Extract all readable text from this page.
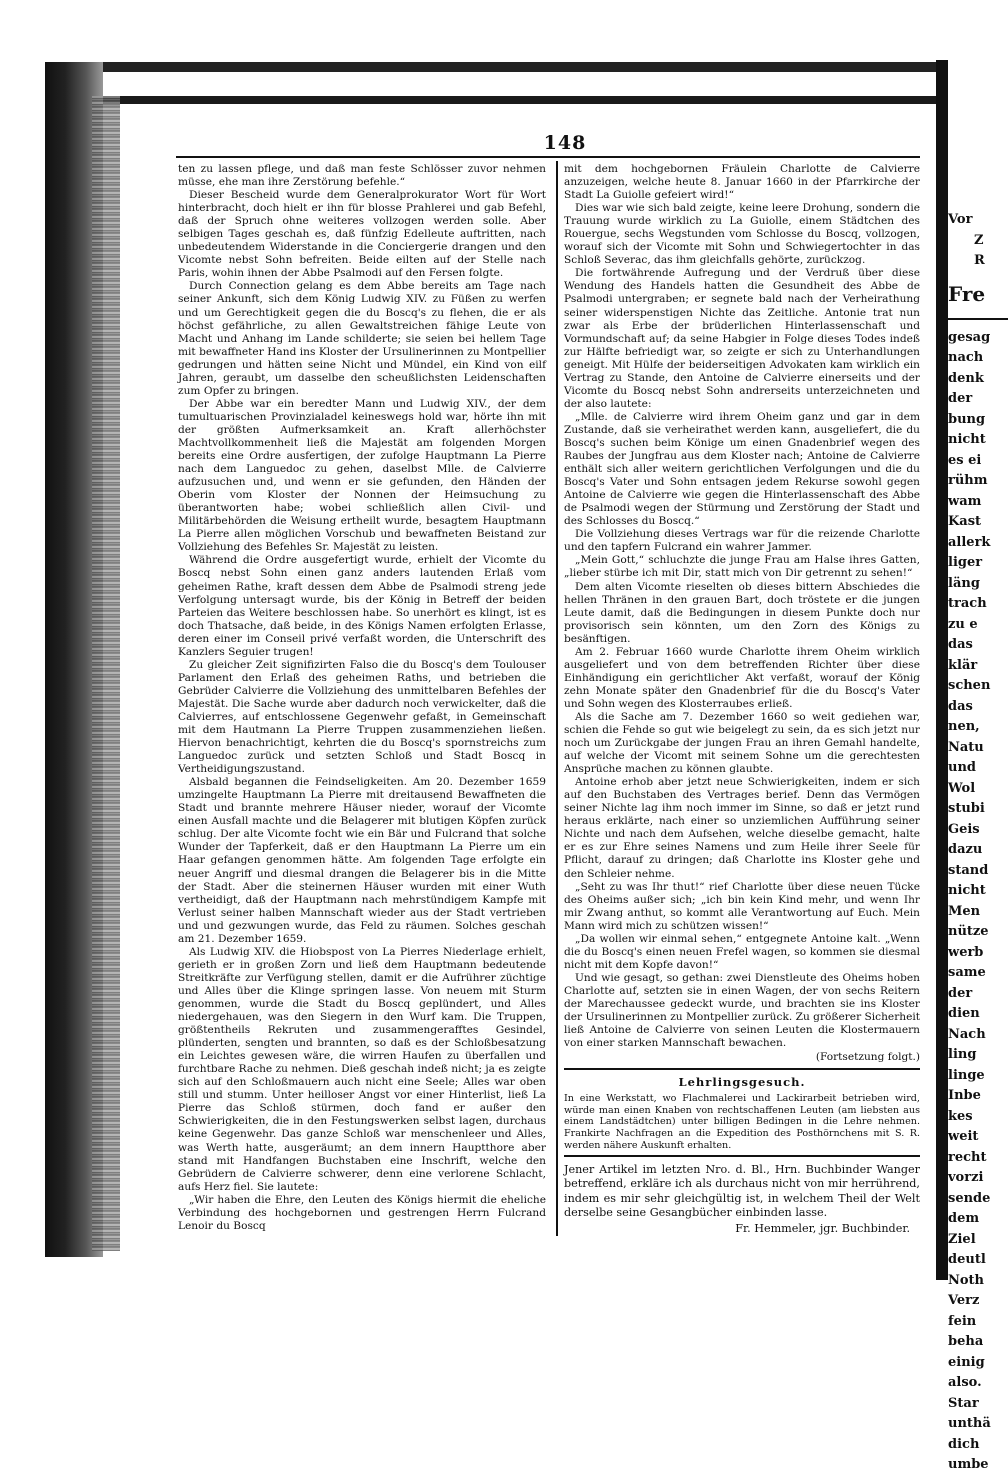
Vor
Z
R
Fre
gesag
nach
denk
der
bung
nicht
es ei
rühm
wam
Kast
allerk
liger
läng
trach
zu e
das
klär
schen
das
nen,
Natu
und
Wol
stubi
Geis
dazu
stand
nicht
Men
nütze
werb
same
der
dien
Nach
ling
linge
Inbe
kes
weit
recht
vorzi
sende
dem
Ziel
deutl
Noth
Verz
fein
beha
einig
also.
Star
unthä
dich
umbe
148

ten zu lassen pflege, und daß man feste Schlösser zuvor nehmen müsse, ehe man ihre Zerstörung befehle.“

Dieser Bescheid wurde dem Generalprokurator Wort für Wort hinterbracht, doch hielt er ihn für blosse Prahlerei und gab Befehl, daß der Spruch ohne weiteres vollzogen werden solle. Aber selbigen Tages geschah es, daß fünfzig Edelleute auftritten, nach unbedeutendem Widerstande in die Conciergerie drangen und den Vicomte nebst Sohn befreiten. Beide eilten auf der Stelle nach Paris, wohin ihnen der Abbe Psalmodi auf den Fersen folgte.

Durch Connection gelang es dem Abbe bereits am Tage nach seiner Ankunft, sich dem König Ludwig XIV. zu Füßen zu werfen und um Gerechtigkeit gegen die du Boscq's zu flehen, die er als höchst gefährliche, zu allen Gewaltstreichen fähige Leute von Macht und Anhang im Lande schilderte; sie seien bei hellem Tage mit bewaffneter Hand ins Kloster der Ursulinerinnen zu Montpellier gedrungen und hätten seine Nicht und Mündel, ein Kind von eilf Jahren, geraubt, um dasselbe den scheußlichsten Leidenschaften zum Opfer zu bringen.

Der Abbe war ein beredter Mann und Ludwig XIV., der dem tumultuarischen Provinzialadel keineswegs hold war, hörte ihn mit der größten Aufmerksamkeit an. Kraft allerhöchster Machtvollkommenheit ließ die Majestät am folgenden Morgen bereits eine Ordre ausfertigen, der zufolge Hauptmann La Pierre nach dem Languedoc zu gehen, daselbst Mlle. de Calvierre aufzusuchen und, und wenn er sie gefunden, den Händen der Oberin vom Kloster der Nonnen der Heimsuchung zu überantworten habe; wobei schließlich allen Civil- und Militärbehörden die Weisung ertheilt wurde, besagtem Hauptmann La Pierre allen möglichen Vorschub und bewaffneten Beistand zur Vollziehung des Befehles Sr. Majestät zu leisten.

Während die Ordre ausgefertigt wurde, erhielt der Vicomte du Boscq nebst Sohn einen ganz anders lautenden Erlaß vom geheimen Rathe, kraft dessen dem Abbe de Psalmodi streng jede Verfolgung untersagt wurde, bis der König in Betreff der beiden Parteien das Weitere beschlossen habe. So unerhört es klingt, ist es doch Thatsache, daß beide, in des Königs Namen erfolgten Erlasse, deren einer im Conseil privé verfaßt worden, die Unterschrift des Kanzlers Seguier trugen!

Zu gleicher Zeit signifizirten Falso die du Boscq's dem Toulouser Parlament den Erlaß des geheimen Raths, und betrieben die Gebrüder Calvierre die Vollziehung des unmittelbaren Befehles der Majestät. Die Sache wurde aber dadurch noch verwickelter, daß die Calvierres, auf entschlossene Gegenwehr gefaßt, in Gemeinschaft mit dem Hautmann La Pierre Truppen zusammenziehen ließen. Hiervon benachrichtigt, kehrten die du Boscq's spornstreichs zum Languedoc zurück und setzten Schloß und Stadt Boscq in Vertheidigungszustand.

Alsbald begannen die Feindseligkeiten. Am 20. Dezember 1659 umzingelte Hauptmann La Pierre mit dreitausend Bewaffneten die Stadt und brannte mehrere Häuser nieder, worauf der Vicomte einen Ausfall machte und die Belagerer mit blutigen Köpfen zurück schlug. Der alte Vicomte focht wie ein Bär und Fulcrand that solche Wunder der Tapferkeit, daß er den Hauptmann La Pierre um ein Haar gefangen genommen hätte. Am folgenden Tage erfolgte ein neuer Angriff und diesmal drangen die Belagerer bis in die Mitte der Stadt. Aber die steinernen Häuser wurden mit einer Wuth vertheidigt, daß der Hauptmann nach mehrstündigem Kampfe mit Verlust seiner halben Mannschaft wieder aus der Stadt vertrieben und und gezwungen wurde, das Feld zu räumen. Solches geschah am 21. Dezember 1659.

Als Ludwig XIV. die Hiobspost von La Pierres Niederlage erhielt, gerieth er in großen Zorn und ließ dem Hauptmann bedeutende Streitkräfte zur Verfügung stellen, damit er die Aufrührer züchtige und Alles über die Klinge springen lasse. Von neuem mit Sturm genommen, wurde die Stadt du Boscq geplündert, und Alles niedergehauen, was den Siegern in den Wurf kam. Die Truppen, größtentheils Rekruten und zusammengerafftes Gesindel, plünderten, sengten und brannten, so daß es der Schloßbesatzung ein Leichtes gewesen wäre, die wirren Haufen zu überfallen und furchtbare Rache zu nehmen. Dieß geschah indeß nicht; ja es zeigte sich auf den Schloßmauern auch nicht eine Seele; Alles war oben still und stumm. Unter heilloser Angst vor einer Hinterlist, ließ La Pierre das Schloß stürmen, doch fand er außer den Schwierigkeiten, die in den Festungswerken selbst lagen, durchaus keine Gegenwehr. Das ganze Schloß war menschenleer und Alles, was Werth hatte, ausgeräumt; an dem innern Hauptthore aber stand mit Handfangen Buchstaben eine Inschrift, welche den Gebrüdern de Calvierre schwerer, denn eine verlorene Schlacht, aufs Herz fiel. Sie lautete:

„Wir haben die Ehre, den Leuten des Königs hiermit die eheliche Verbindung des hochgebornen und gestrengen Herrn Fulcrand Lenoir du Boscq

mit dem hochgebornen Fräulein Charlotte de Calvierre anzuzeigen, welche heute 8. Januar 1660 in der Pfarrkirche der Stadt La Guiolle gefeiert wird!“

Dies war wie sich bald zeigte, keine leere Drohung, sondern die Trauung wurde wirklich zu La Guiolle, einem Städtchen des Rouergue, sechs Wegstunden vom Schlosse du Boscq, vollzogen, worauf sich der Vicomte mit Sohn und Schwiegertochter in das Schloß Severac, das ihm gleichfalls gehörte, zurückzog.

Die fortwährende Aufregung und der Verdruß über diese Wendung des Handels hatten die Gesundheit des Abbe de Psalmodi untergraben; er segnete bald nach der Verheirathung seiner widerspenstigen Nichte das Zeitliche. Antonie trat nun zwar als Erbe der brüderlichen Hinterlassenschaft und Vormundschaft auf; da seine Habgier in Folge dieses Todes indeß zur Hälfte befriedigt war, so zeigte er sich zu Unterhandlungen geneigt. Mit Hülfe der beiderseitigen Advokaten kam wirklich ein Vertrag zu Stande, den Antoine de Calvierre einerseits und der Vicomte du Boscq nebst Sohn andrerseits unterzeichneten und der also lautete:

„Mlle. de Calvierre wird ihrem Oheim ganz und gar in dem Zustande, daß sie verheirathet werden kann, ausgeliefert, die du Boscq's suchen beim Könige um einen Gnadenbrief wegen des Raubes der Jungfrau aus dem Kloster nach; Antoine de Calvierre enthält sich aller weitern gerichtlichen Verfolgungen und die du Boscq's Vater und Sohn entsagen jedem Rekurse sowohl gegen Antoine de Calvierre wie gegen die Hinterlassenschaft des Abbe de Psalmodi wegen der Stürmung und Zerstörung der Stadt und des Schlosses du Boscq.“

Die Vollziehung dieses Vertrags war für die reizende Charlotte und den tapfern Fulcrand ein wahrer Jammer.

„Mein Gott,“ schluchzte die junge Frau am Halse ihres Gatten, „lieber stürbe ich mit Dir, statt mich von Dir getrennt zu sehen!“

Dem alten Vicomte rieselten ob dieses bittern Abschiedes die hellen Thränen in den grauen Bart, doch tröstete er die jungen Leute damit, daß die Bedingungen in diesem Punkte doch nur provisorisch sein könnten, um den Zorn des Königs zu besänftigen.

Am 2. Februar 1660 wurde Charlotte ihrem Oheim wirklich ausgeliefert und von dem betreffenden Richter über diese Einhändigung ein gerichtlicher Akt verfaßt, worauf der König zehn Monate später den Gnadenbrief für die du Boscq's Vater und Sohn wegen des Klosterraubes erließ.

Als die Sache am 7. Dezember 1660 so weit gediehen war, schien die Fehde so gut wie beigelegt zu sein, da es sich jetzt nur noch um Zurückgabe der jungen Frau an ihren Gemahl handelte, auf welche der Vicomt mit seinem Sohne um die gerechtesten Ansprüche machen zu können glaubte.

Antoine erhob aber jetzt neue Schwierigkeiten, indem er sich auf den Buchstaben des Vertrages berief. Denn das Vermögen seiner Nichte lag ihm noch immer im Sinne, so daß er jetzt rund heraus erklärte, nach einer so unziemlichen Aufführung seiner Nichte und nach dem Aufsehen, welche dieselbe gemacht, halte er es zur Ehre seines Namens und zum Heile ihrer Seele für Pflicht, darauf zu dringen; daß Charlotte ins Kloster gehe und den Schleier nehme.

„Seht zu was Ihr thut!“ rief Charlotte über diese neuen Tücke des Oheims außer sich; „ich bin kein Kind mehr, und wenn Ihr mir Zwang anthut, so kommt alle Verantwortung auf Euch. Mein Mann wird mich zu schützen wissen!“

„Da wollen wir einmal sehen,“ entgegnete Antoine kalt. „Wenn die du Boscq's einen neuen Frefel wagen, so kommen sie diesmal nicht mit dem Kopfe davon!“

Und wie gesagt, so gethan: zwei Dienstleute des Oheims hoben Charlotte auf, setzten sie in einen Wagen, der von sechs Reitern der Marechaussee gedeckt wurde, und brachten sie ins Kloster der Ursulinerinnen zu Montpellier zurück. Zu größerer Sicherheit ließ Antoine de Calvierre von seinen Leuten die Klostermauern von einer starken Mannschaft bewachen.

(Fortsetzung folgt.)

Lehrlingsgesuch.

In eine Werkstatt, wo Flachmalerei und Lackirarbeit betrieben wird, würde man einen Knaben von rechtschaffenen Leuten (am liebsten aus einem Landstädtchen) unter billigen Bedingen in die Lehre nehmen. Frankirte Nachfragen an die Expedition des Posthörnchens mit S. R. werden nähere Auskunft erhalten.

Jener Artikel im letzten Nro. d. Bl., Hrn. Buchbinder Wanger betreffend, erkläre ich als durchaus nicht von mir herrührend, indem es mir sehr gleichgültig ist, in welchem Theil der Welt derselbe seine Gesangbücher einbinden lasse.

Fr. Hemmeler, jgr. Buchbinder.
